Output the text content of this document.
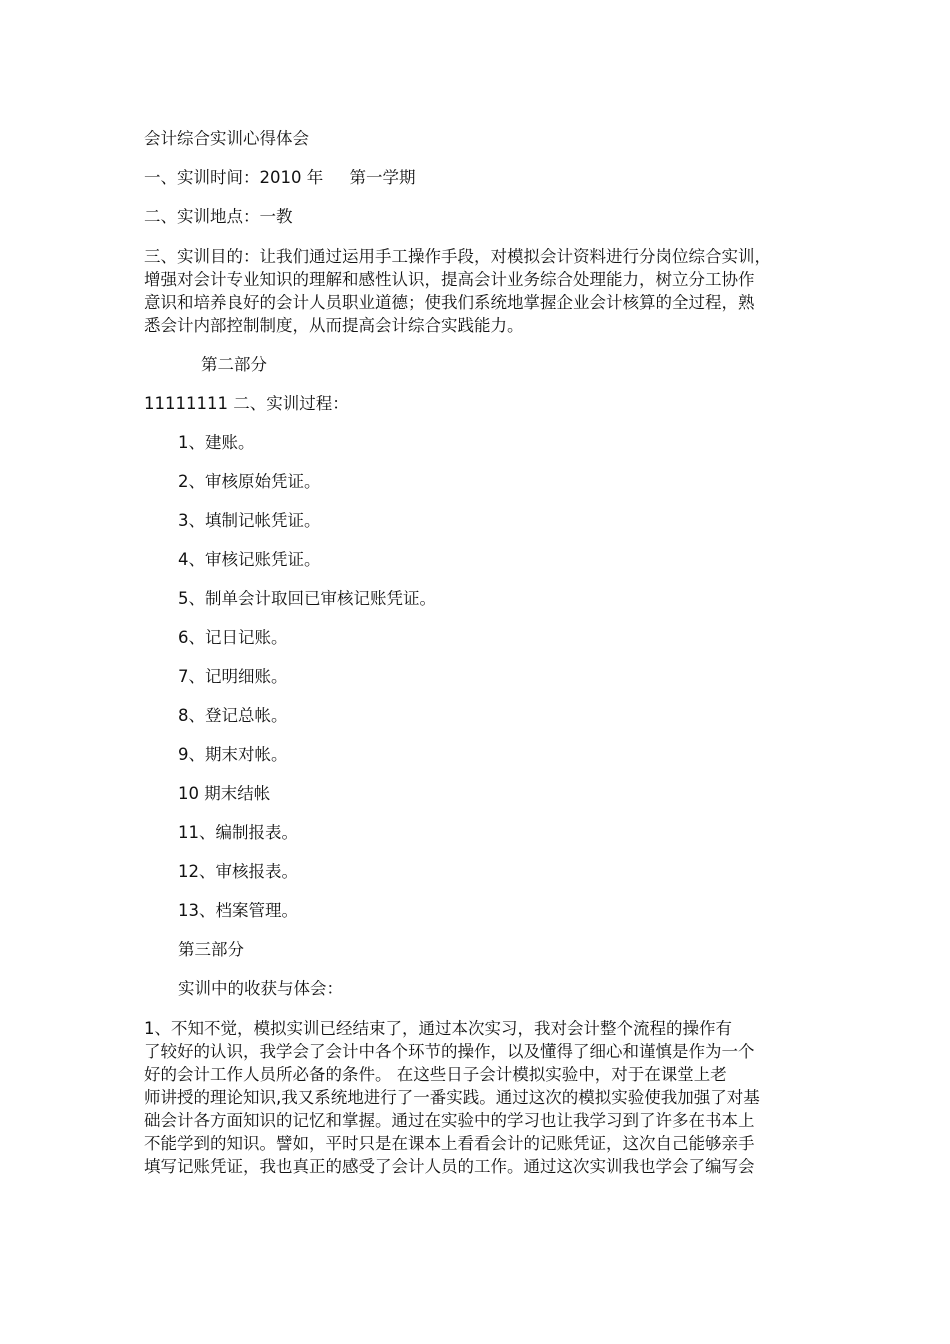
会计综合实训心得体会
一、实训时间：2010 年     第一学期
二、实训地点：一教
三、实训目的：让我们通过运用手工操作手段，对模拟会计资料进行分岗位综合实训，
增强对会计专业知识的理解和感性认识，提高会计业务综合处理能力，树立分工协作
意识和培养良好的会计人员职业道德；使我们系统地掌握企业会计核算的全过程，熟
悉会计内部控制制度，从而提高会计综合实践能力。
第二部分
11111111 二、实训过程：
1、建账。
2、审核原始凭证。
3、填制记帐凭证。
4、审核记账凭证。
5、制单会计取回已审核记账凭证。
6、记日记账。
7、记明细账。
8、登记总帐。
9、期末对帐。
10 期末结帐
11、编制报表。
12、审核报表。
13、档案管理。
第三部分
实训中的收获与体会：
1、不知不觉，模拟实训已经结束了，通过本次实习，我对会计整个流程的操作有
了较好的认识，我学会了会计中各个环节的操作，以及懂得了细心和谨慎是作为一个
好的会计工作人员所必备的条件。 在这些日子会计模拟实验中，对于在课堂上老
师讲授的理论知识,我又系统地进行了一番实践。通过这次的模拟实验使我加强了对基
础会计各方面知识的记忆和掌握。通过在实验中的学习也让我学习到了许多在书本上
不能学到的知识。譬如，平时只是在课本上看看会计的记账凭证，这次自己能够亲手
填写记账凭证，我也真正的感受了会计人员的工作。通过这次实训我也学会了编写会
